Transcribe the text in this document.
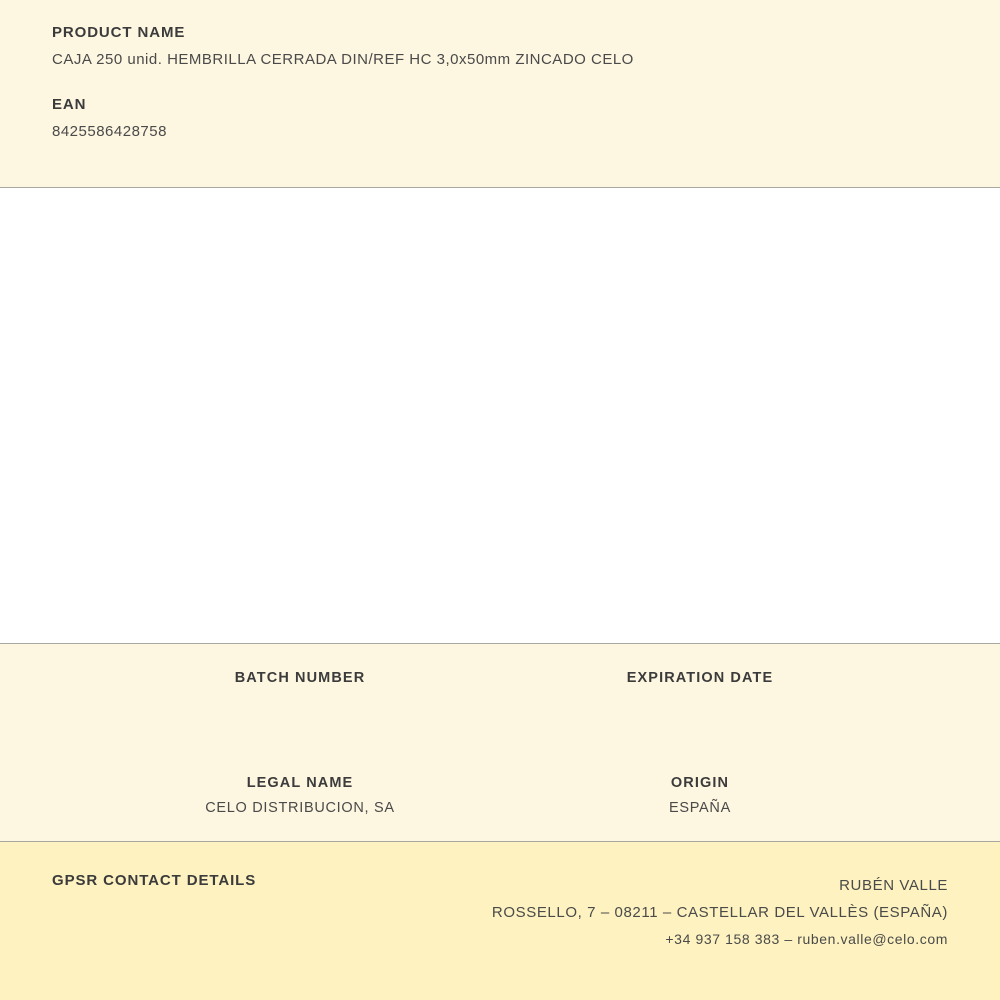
PRODUCT NAME
CAJA 250 unid. HEMBRILLA CERRADA DIN/REF HC 3,0x50mm ZINCADO CELO
EAN
8425586428758
BATCH NUMBER	EXPIRATION DATE
LEGAL NAME
CELO DISTRIBUCION, SA
ORIGIN
ESPAÑA
GPSR CONTACT DETAILS	RUBÉN VALLE
ROSSELLO, 7 – 08211 – CASTELLAR DEL VALLÈS (ESPAÑA)
+34 937 158 383 – ruben.valle@celo.com
